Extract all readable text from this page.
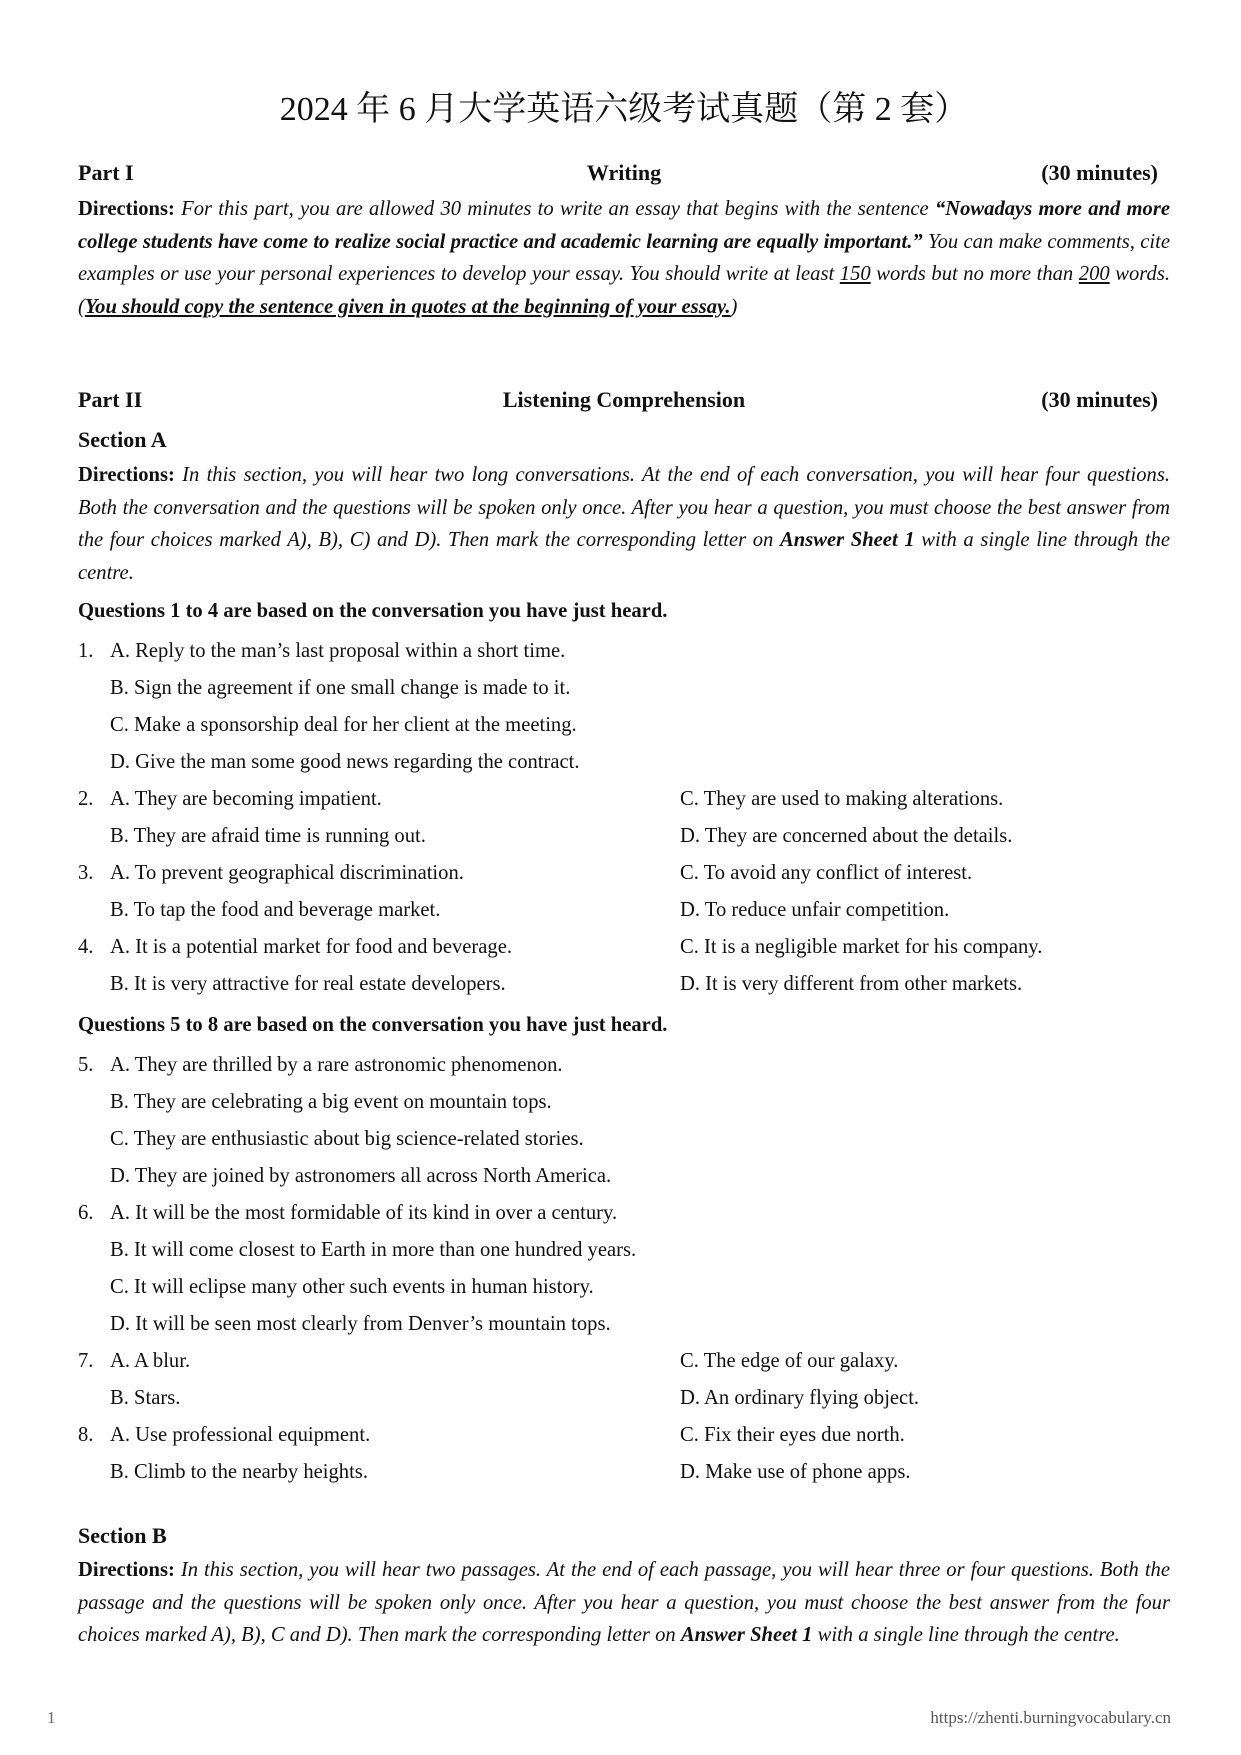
2024 年 6 月大学英语六级考试真题（第 2 套）
Writing
Part I	(30 minutes)
Directions: For this part, you are allowed 30 minutes to write an essay that begins with the sentence “Nowadays more and more college students have come to realize social practice and academic learning are equally important.” You can make comments, cite examples or use your personal experiences to develop your essay. You should write at least 150 words but no more than 200 words. (You should copy the sentence given in quotes at the beginning of your essay.)
Listening Comprehension
Part II	(30 minutes)
Section A
Directions: In this section, you will hear two long conversations. At the end of each conversation, you will hear four questions. Both the conversation and the questions will be spoken only once. After you hear a question, you must choose the best answer from the four choices marked A), B), C) and D). Then mark the corresponding letter on Answer Sheet 1 with a single line through the centre.
Questions 1 to 4 are based on the conversation you have just heard.
1. A. Reply to the man’s last proposal within a short time.
B. Sign the agreement if one small change is made to it.
C. Make a sponsorship deal for her client at the meeting.
D. Give the man some good news regarding the contract.
2. A. They are becoming impatient.	C. They are used to making alterations.
B. They are afraid time is running out.	D. They are concerned about the details.
3. A. To prevent geographical discrimination.	C. To avoid any conflict of interest.
B. To tap the food and beverage market.	D. To reduce unfair competition.
4. A. It is a potential market for food and beverage.	C. It is a negligible market for his company.
B. It is very attractive for real estate developers.	D. It is very different from other markets.
Questions 5 to 8 are based on the conversation you have just heard.
5. A. They are thrilled by a rare astronomic phenomenon.
B. They are celebrating a big event on mountain tops.
C. They are enthusiastic about big science-related stories.
D. They are joined by astronomers all across North America.
6. A. It will be the most formidable of its kind in over a century.
B. It will come closest to Earth in more than one hundred years.
C. It will eclipse many other such events in human history.
D. It will be seen most clearly from Denver’s mountain tops.
7. A. A blur.	C. The edge of our galaxy.
B. Stars.	D. An ordinary flying object.
8. A. Use professional equipment.	C. Fix their eyes due north.
B. Climb to the nearby heights.	D. Make use of phone apps.
Section B
Directions: In this section, you will hear two passages. At the end of each passage, you will hear three or four questions. Both the passage and the questions will be spoken only once. After you hear a question, you must choose the best answer from the four choices marked A), B), C and D). Then mark the corresponding letter on Answer Sheet 1 with a single line through the centre.
1	https://zhenti.burningvocabulary.cn
